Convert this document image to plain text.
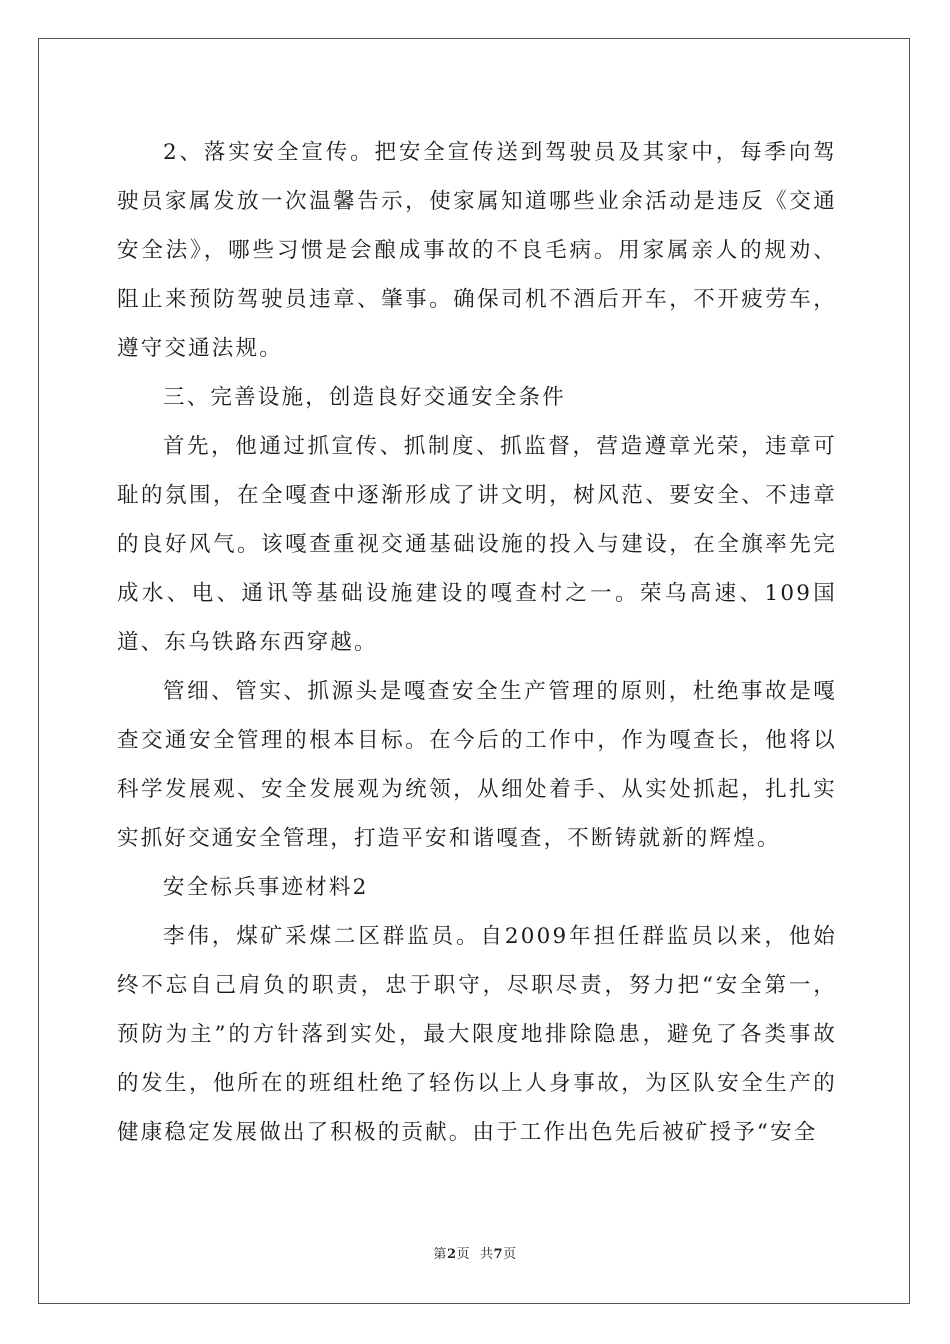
2、落实安全宣传。把安全宣传送到驾驶员及其家中，每季向驾驶员家属发放一次温馨告示，使家属知道哪些业余活动是违反《交通安全法》，哪些习惯是会酿成事故的不良毛病。用家属亲人的规劝、阻止来预防驾驶员违章、肇事。确保司机不酒后开车，不开疲劳车，遵守交通法规。

三、完善设施，创造良好交通安全条件

首先，他通过抓宣传、抓制度、抓监督，营造遵章光荣，违章可耻的氛围，在全嘎查中逐渐形成了讲文明，树风范、要安全、不违章的良好风气。该嘎查重视交通基础设施的投入与建设，在全旗率先完成水、电、通讯等基础设施建设的嘎查村之一。荣乌高速、109国道、东乌铁路东西穿越。

管细、管实、抓源头是嘎查安全生产管理的原则，杜绝事故是嘎查交通安全管理的根本目标。在今后的工作中，作为嘎查长，他将以科学发展观、安全发展观为统领，从细处着手、从实处抓起，扎扎实实抓好交通安全管理，打造平安和谐嘎查，不断铸就新的辉煌。

安全标兵事迹材料2

李伟，煤矿采煤二区群监员。自2009年担任群监员以来，他始终不忘自己肩负的职责，忠于职守，尽职尽责，努力把“安全第一，预防为主”的方针落到实处，最大限度地排除隐患，避免了各类事故的发生，他所在的班组杜绝了轻伤以上人身事故，为区队安全生产的健康稳定发展做出了积极的贡献。由于工作出色先后被矿授予“安全

第2页 共7页
